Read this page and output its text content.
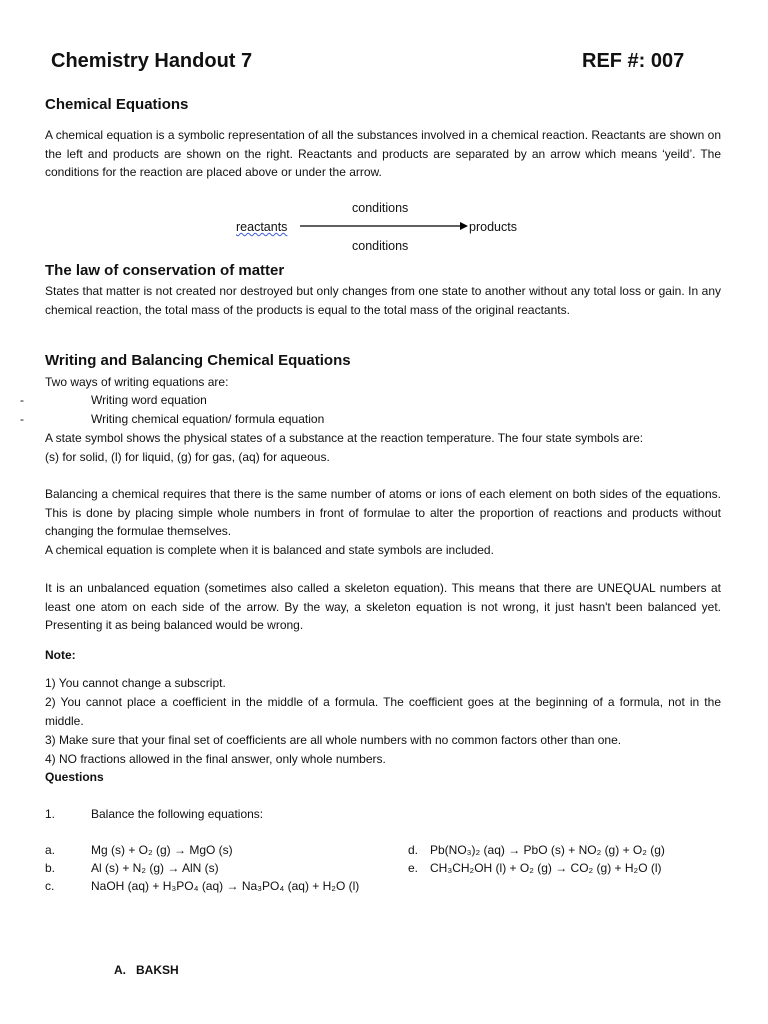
Chemistry Handout 7	REF #: 007
Chemical Equations
A chemical equation is a symbolic representation of all the substances involved in a chemical reaction. Reactants are shown on the left and products are shown on the right. Reactants and products are separated by an arrow which means ‘yeild’. The conditions for the reaction are placed above or under the arrow.
conditions
reactants	products
conditions
The law of conservation of matter
States that matter is not created nor destroyed but only changes from one state to another without any total loss or gain. In any chemical reaction, the total mass of the products is equal to the total mass of the original reactants.
Writing and Balancing Chemical Equations
Two ways of writing equations are:
-	Writing word equation
-	Writing chemical equation/ formula equation
A state symbol shows the physical states of a substance at the reaction temperature. The four state symbols are:
(s) for solid, (l) for liquid, (g) for gas, (aq) for aqueous.
Balancing a chemical requires that there is the same number of atoms or ions of each element on both sides of the equations. This is done by placing simple whole numbers in front of formulae to alter the proportion of reactions and products without changing the formulae themselves.
A chemical equation is complete when it is balanced and state symbols are included.
It is an unbalanced equation (sometimes also called a skeleton equation). This means that there are UNEQUAL numbers at least one atom on each side of the arrow. By the way, a skeleton equation is not wrong, it just hasn't been balanced yet. Presenting it as being balanced would be wrong.
Note:
1) You cannot change a subscript.
2) You cannot place a coefficient in the middle of a formula. The coefficient goes at the beginning of a formula, not in the middle.
3) Make sure that your final set of coefficients are all whole numbers with no common factors other than one.
4) NO fractions allowed in the final answer, only whole numbers.
Questions
1.	Balance the following equations:
a.	Mg (s) + O₂ (g) → MgO (s)
b.	Al (s) + N₂ (g) → AlN (s)
c.	NaOH (aq) + H₃PO₄ (aq) → Na₃PO₄ (aq) + H₂O (l)
d. Pb(NO₃)₂ (aq) → PbO (s) + NO₂ (g) + O₂ (g)
e. CH₃CH₂OH (l) + O₂ (g) → CO₂ (g) + H₂O (l)
A. BAKSH
